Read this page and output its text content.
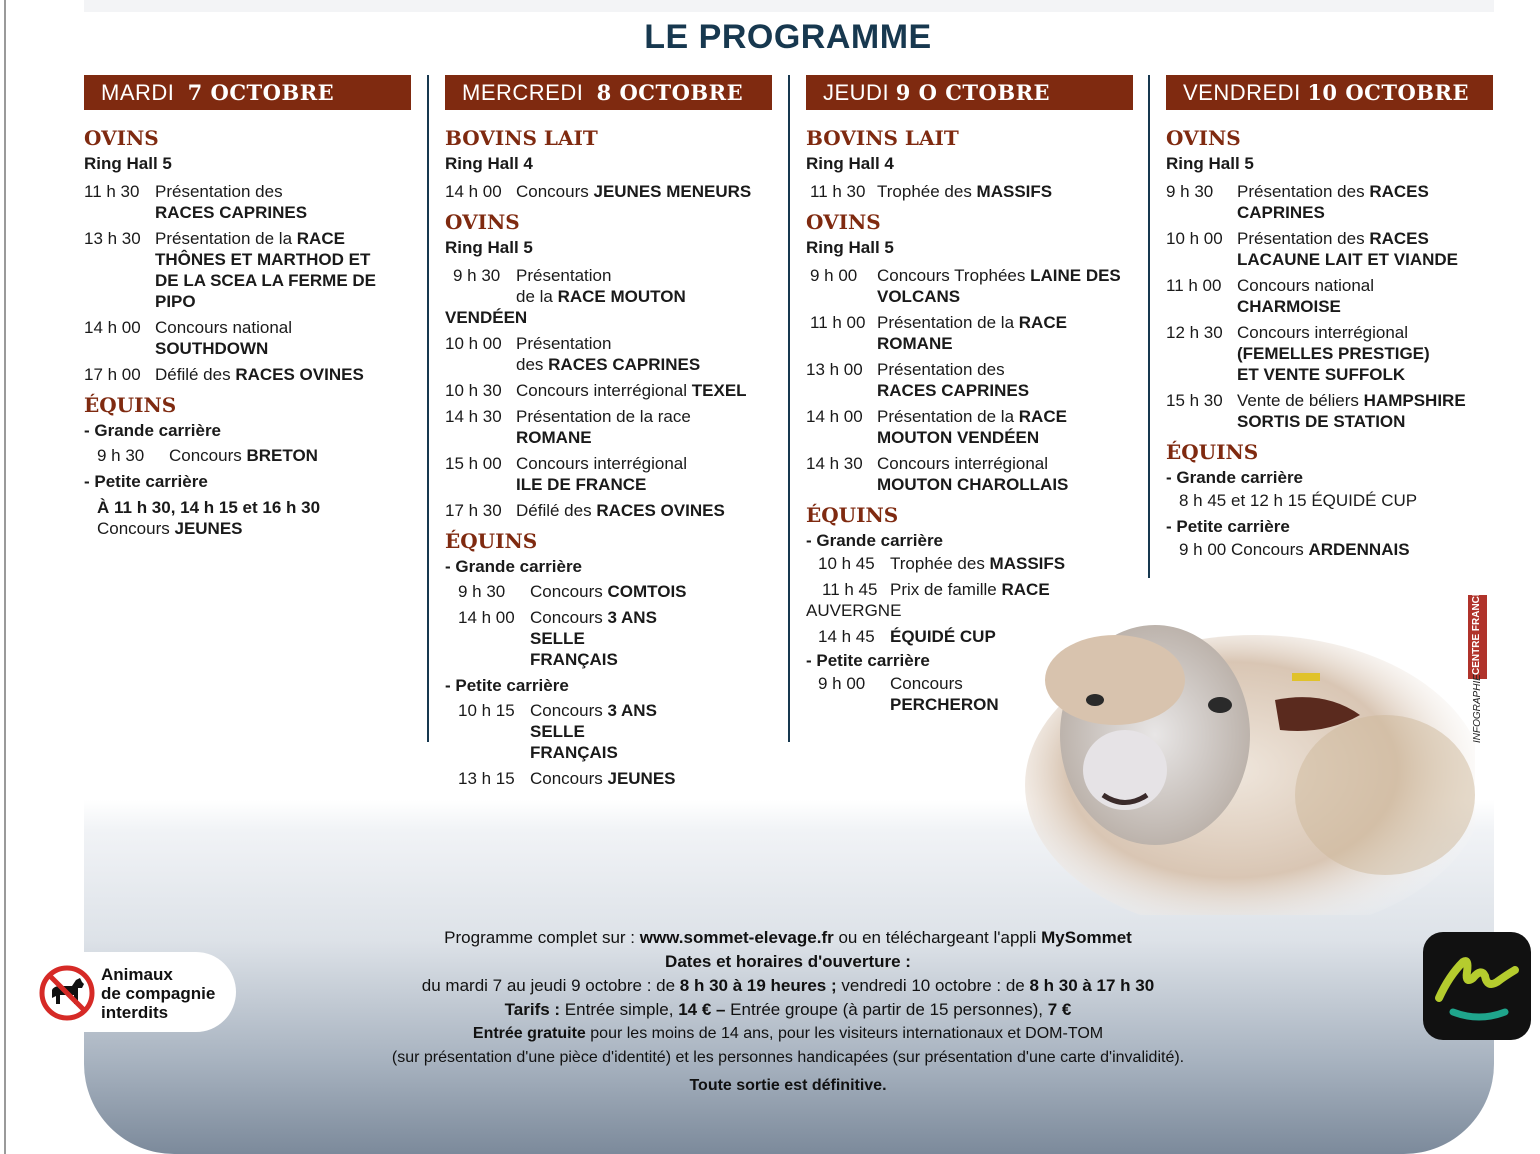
LE PROGRAMME
CENTRE FRANCE
INFOGRAPHIE
MARDI 7 OCTOBRE
OVINS
Ring Hall 5
11 h 30 Présentation des
RACES CAPRINES
13 h 30 Présentation de la RACE THÔNES ET MARTHOD ET DE LA SCEA LA FERME DE PIPO
14 h 00 Concours national
SOUTHDOWN
17 h 00 Défilé des RACES OVINES
ÉQUINS
- Grande carrière
9 h 30	Concours BRETON
- Petite carrière
À 11 h 30, 14 h 15 et 16 h 30
Concours JEUNES
MERCREDI 8 OCTOBRE
BOVINS LAIT
Ring Hall 4
14 h 00 Concours JEUNES MENEURS
OVINS
Ring Hall 5
9 h 30 Présentation
de la RACE MOUTON
VENDÉEN
10 h 00 Présentation
des RACES CAPRINES
10 h 30 Concours interrégional TEXEL
14 h 30 Présentation de la race
ROMANE
15 h 00 Concours interrégional
ILE DE FRANCE
17 h 30 Défilé des RACES OVINES
ÉQUINS
- Grande carrière
9 h 30	Concours COMTOIS
14 h 00 Concours 3 ANS SELLE FRANÇAIS
- Petite carrière
10 h 15 Concours 3 ANS SELLE FRANÇAIS
13 h 15 Concours JEUNES
JEUDI 9 O CTOBRE
BOVINS LAIT
Ring Hall 4
11 h 30 Trophée des MASSIFS
OVINS
Ring Hall 5
9 h 00	Concours Trophées LAINE DES VOLCANS
11 h 00 Présentation de la RACE ROMANE
13 h 00 Présentation des
RACES CAPRINES
14 h 00 Présentation de la RACE MOUTON VENDÉEN
14 h 30 Concours interrégional
MOUTON CHAROLLAIS
ÉQUINS
- Grande carrière
10 h 45 Trophée des MASSIFS
11 h 45 Prix de famille RACE
AUVERGNE
14 h 45 ÉQUIDÉ CUP
- Petite carrière
9 h 00	Concours
PERCHERON
VENDREDI 10 OCTOBRE
OVINS
Ring Hall 5
9 h 30	Présentation des RACES CAPRINES
10 h 00 Présentation des RACES LACAUNE LAIT ET VIANDE
11 h 00 Concours national
CHARMOISE
12 h 30 Concours interrégional
(FEMELLES PRESTIGE) ET VENTE SUFFOLK
15 h 30 Vente de béliers HAMPSHIRE SORTIS DE STATION
ÉQUINS
- Grande carrière
8 h 45 et 12 h 15 ÉQUIDÉ CUP
- Petite carrière
9 h 00 Concours ARDENNAIS
Programme complet sur : www.sommet-elevage.fr ou en téléchargeant l'appli MySommet
Dates et horaires d'ouverture :
du mardi 7 au jeudi 9 octobre : de 8 h 30 à 19 heures ; vendredi 10 octobre : de 8 h 30 à 17 h 30
Tarifs : Entrée simple, 14 € – Entrée groupe (à partir de 15 personnes), 7 €
Entrée gratuite pour les moins de 14 ans, pour les visiteurs internationaux et DOM-TOM
(sur présentation d'une pièce d'identité) et les personnes handicapées (sur présentation d'une carte d'invalidité).
Toute sortie est définitive.
Animaux
de compagnie
interdits
